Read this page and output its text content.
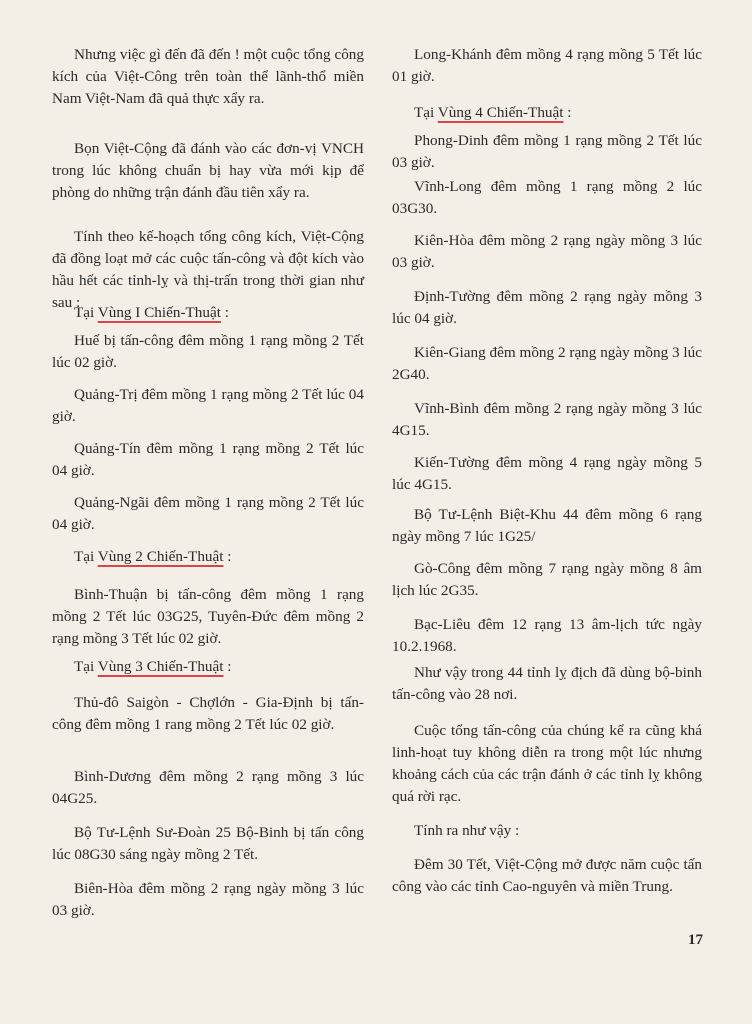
Nhưng việc gì đến đã đến ! một cuộc tổng công kích của Việt-Công trên toàn thể lãnh-thổ miền Nam Việt-Nam đã quả thực xẩy ra.

Bọn Việt-Cộng đã đánh vào các đơn-vị VNCH trong lúc không chuẩn bị hay vừa mới kịp để phòng do những trận đánh đầu tiên xẩy ra.

Tính theo kế-hoạch tổng công kích, Việt-Cộng đã đồng loạt mở các cuộc tấn-công và đột kích vào hầu hết các tỉnh-lỵ và thị-trấn trong thời gian như sau :

Tại Vùng I Chiến-Thuật :

Huế bị tấn-công đêm mồng 1 rạng mồng 2 Tết lúc 02 giờ.

Quảng-Trị đêm mồng 1 rạng mồng 2 Tết lúc 04 giờ.

Quảng-Tín đêm mồng 1 rạng mồng 2 Tết lúc 04 giờ.

Quảng-Ngãi đêm mồng 1 rạng mồng 2 Tết lúc 04 giờ.

Tại Vùng 2 Chiến-Thuật :

Bình-Thuận bị tấn-công đêm mồng 1 rạng mồng 2 Tết lúc 03G25, Tuyên-Đức đêm mồng 2 rạng mồng 3 Tết lúc 02 giờ.

Tại Vùng 3 Chiến-Thuật :

Thủ-đô Saigòn - Chợlớn - Gia-Định bị tấn-công đêm mồng 1 rang mồng 2 Tết lúc 02 giờ.

Bình-Dương đêm mồng 2 rạng mồng 3 lúc 04G25.

Bộ Tư-Lệnh Sư-Đoàn 25 Bộ-Binh bị tấn công lúc 08G30 sáng ngày mồng 2 Tết.

Biên-Hòa đêm mồng 2 rạng ngày mồng 3 lúc 03 giờ.

Long-Khánh đêm mồng 4 rạng mồng 5 Tết lúc 01 giờ.

Tại Vùng 4 Chiến-Thuật :

Phong-Dinh đêm mồng 1 rạng mồng 2 Tết lúc 03 giờ.

Vĩnh-Long đêm mồng 1 rạng mồng 2 lúc 03G30.

Kiên-Hòa đêm mồng 2 rạng ngày mồng 3 lúc 03 giờ.

Định-Tường đêm mồng 2 rạng ngày mồng 3 lúc 04 giờ.

Kiên-Giang đêm mồng 2 rạng ngày mồng 3 lúc 2G40.

Vĩnh-Bình đêm mồng 2 rạng ngày mồng 3 lúc 4G15.

Kiến-Tường đêm mồng 4 rạng ngày mồng 5 lúc 4G15.

Bộ Tư-Lệnh Biệt-Khu 44 đêm mồng 6 rạng ngày mồng 7 lúc 1G25/

Gò-Công đêm mồng 7 rạng ngày mồng 8 âm lịch lúc 2G35.

Bạc-Liêu đêm 12 rạng 13 âm-lịch tức ngày 10.2.1968.

Như vậy trong 44 tỉnh lỵ địch đã dùng bộ-binh tấn-công vào 28 nơi.

Cuộc tổng tấn-công của chúng kể ra cũng khá linh-hoạt tuy không diễn ra trong một lúc nhưng khoảng cách của các trận đánh ở các tỉnh lỵ không quá rời rạc.

Tính ra như vậy :

Đêm 30 Tết, Việt-Cộng mở được năm cuộc tấn công vào các tỉnh Cao-nguyên và miền Trung.

17
